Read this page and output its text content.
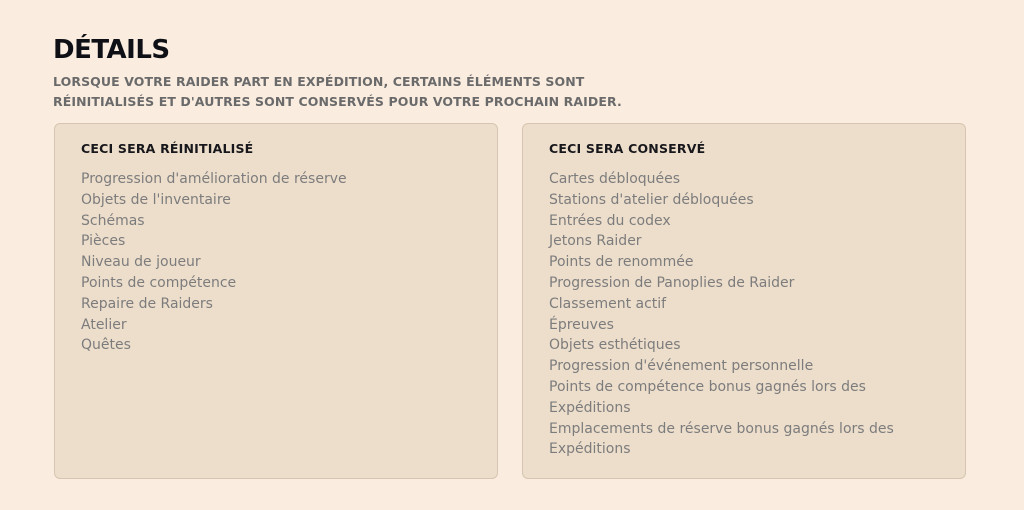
DÉTAILS

LORSQUE VOTRE RAIDER PART EN EXPÉDITION, CERTAINS ÉLÉMENTS SONT
RÉINITIALISÉS ET D'AUTRES SONT CONSERVÉS POUR VOTRE PROCHAIN RAIDER.

CECI SERA RÉINITIALISÉ
Progression d'amélioration de réserve
Objets de l'inventaire
Schémas
Pièces
Niveau de joueur
Points de compétence
Repaire de Raiders
Atelier
Quêtes
CECI SERA CONSERVÉ
Cartes débloquées
Stations d'atelier débloquées
Entrées du codex
Jetons Raider
Points de renommée
Progression de Panoplies de Raider
Classement actif
Épreuves
Objets esthétiques
Progression d'événement personnelle
Points de compétence bonus gagnés lors des
Expéditions
Emplacements de réserve bonus gagnés lors des
Expéditions
